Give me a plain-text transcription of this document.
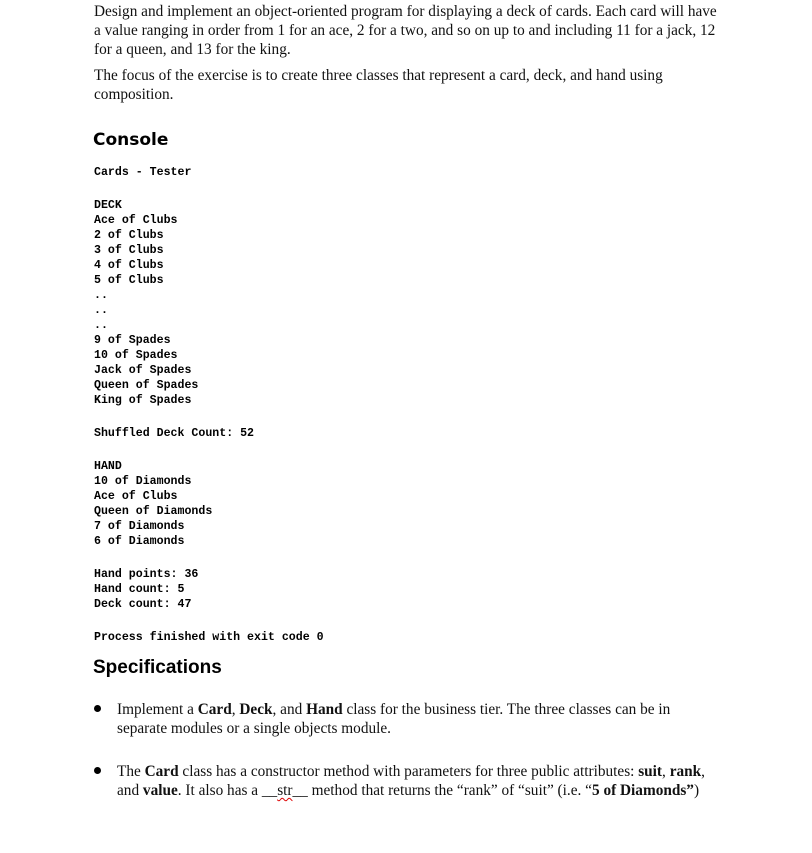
Design and implement an object-oriented program for displaying a deck of cards. Each card will have a value ranging in order from 1 for an ace, 2 for a two, and so on up to and including 11 for a jack, 12 for a queen, and 13 for the king.

The focus of the exercise is to create three classes that represent a card, deck, and hand using composition.

Console
Cards - Tester
DECK
Ace of Clubs
2 of Clubs
3 of Clubs
4 of Clubs
5 of Clubs
..
..
..
9 of Spades
10 of Spades
Jack of Spades
Queen of Spades
King of Spades
Shuffled Deck Count: 52
HAND
10 of Diamonds
Ace of Clubs
Queen of Diamonds
7 of Diamonds
6 of Diamonds
Hand points: 36
Hand count: 5
Deck count: 47
Process finished with exit code 0
Specifications
Implement a Card, Deck, and Hand class for the business tier. The three classes can be in separate modules or a single objects module.
The Card class has a constructor method with parameters for three public attributes: suit, rank, and value. It also has a __str__ method that returns the “rank” of “suit” (i.e. “5 of Diamonds”)
